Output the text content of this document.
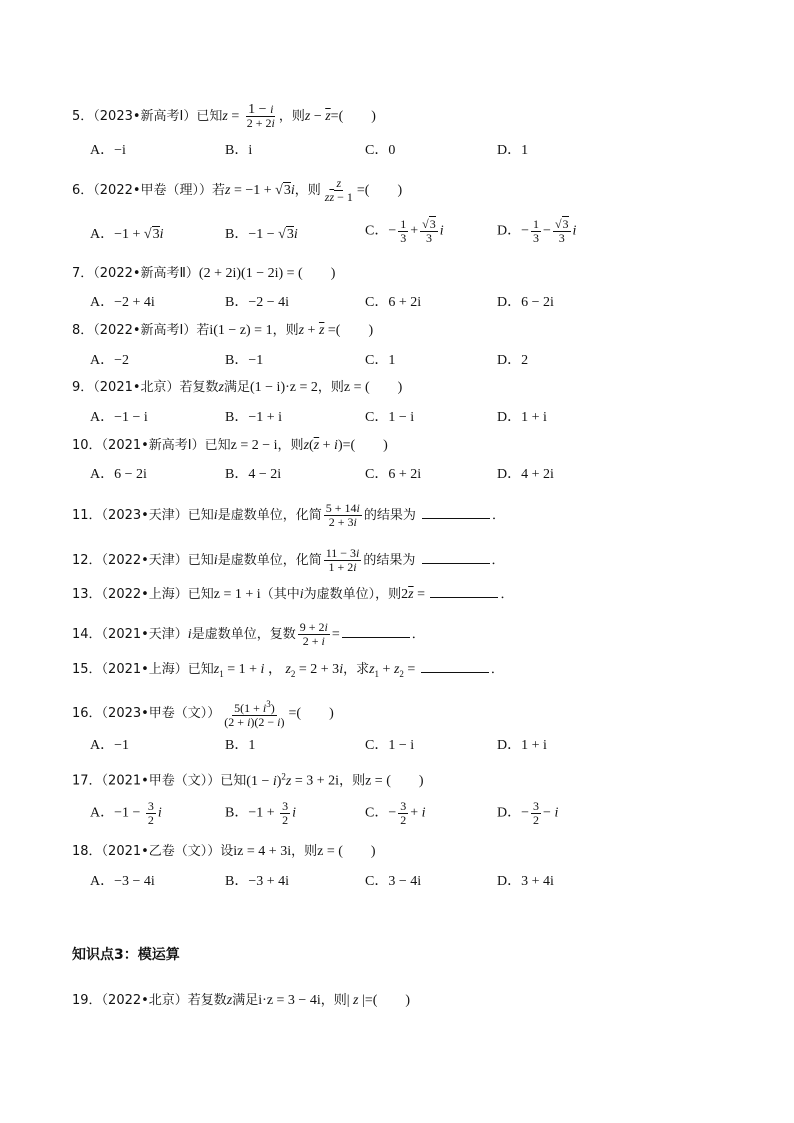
5．（2023•新高考Ⅰ）已知$z = \frac{1 - i}{2 + 2i}$ ，则$z - \overline{z}=$(　　)
A．−i	B．i	C．0	D．1
6．（2022•甲卷（理））若z = −1 + √3i，则 $\frac{z}{z\overline{z} - 1}$ =(　　)
A．−1 + √3i	B．−1 − √3i	C．− $\frac{1}{3} + \frac{√3}{3}$ i	D．− $\frac{1}{3} - \frac{√3}{3}$ i
7．（2022•新高考Ⅱ）(2 + 2i)(1 − 2i) = (　　)
A．−2 + 4i	B．−2 − 4i	C．6 + 2i	D．6 − 2i
8．（2022•新高考Ⅰ）若i(1 − z) = 1，则$z + \overline{z}$ =(　　)
A．−2	B．−1	C．1	D．2
9．（2021•北京）若复数z满足(1 − i)·z = 2，则z = (　　)
A．−1 − i	B．−1 + i	C．1 − i	D．1 + i
10．（2021•新高考Ⅰ）已知z = 2 − i，则$z(\overline{z} + i)=$(　　)
A．6 − 2i	B．4 − 2i	C．6 + 2i	D．4 + 2i
11．（2023•天津）已知i是虚数单位，化简 $\frac{5 + 14i}{2 + 3i}$ 的结果为	．
12．（2022•天津）已知i是虚数单位，化简 $\frac{11 - 3i}{1 + 2i}$ 的结果为	．
13．（2022•上海）已知z = 1 + i（其中i为虚数单位），则$2\overline{z}$ =	．
14．（2021•天津）i是虚数单位，复数 $\frac{9 + 2i}{2 + i}$ =	．
15．（2021•上海）已知$z_1 = 1 + i$ ， $z_2 = 2 + 3i$，求$z_1 + z_2$ =	．
16．（2023•甲卷（文）） $\frac{5(1 + i^3)}{(2 + i)(2 - i)}$ =(　　)
A．−1	B．1	C．1 − i	D．1 + i
17．（2021•甲卷（文））已知$(1 - i)^2z = 3 + 2i$，则z = (　　)
A．$-1 - \frac{3}{2}$ i	B．$-1 + \frac{3}{2}$ i	C．− $\frac{3}{2} + i$	D．− $\frac{3}{2} - i$
18．（2021•乙卷（文））设iz = 4 + 3i，则z = (　　)
A．−3 − 4i	B．−3 + 4i	C．3 − 4i	D．3 + 4i
知识点3：模运算
19．（2022•北京）若复数z满足i·z = 3 − 4i，则| z |=(　　)
